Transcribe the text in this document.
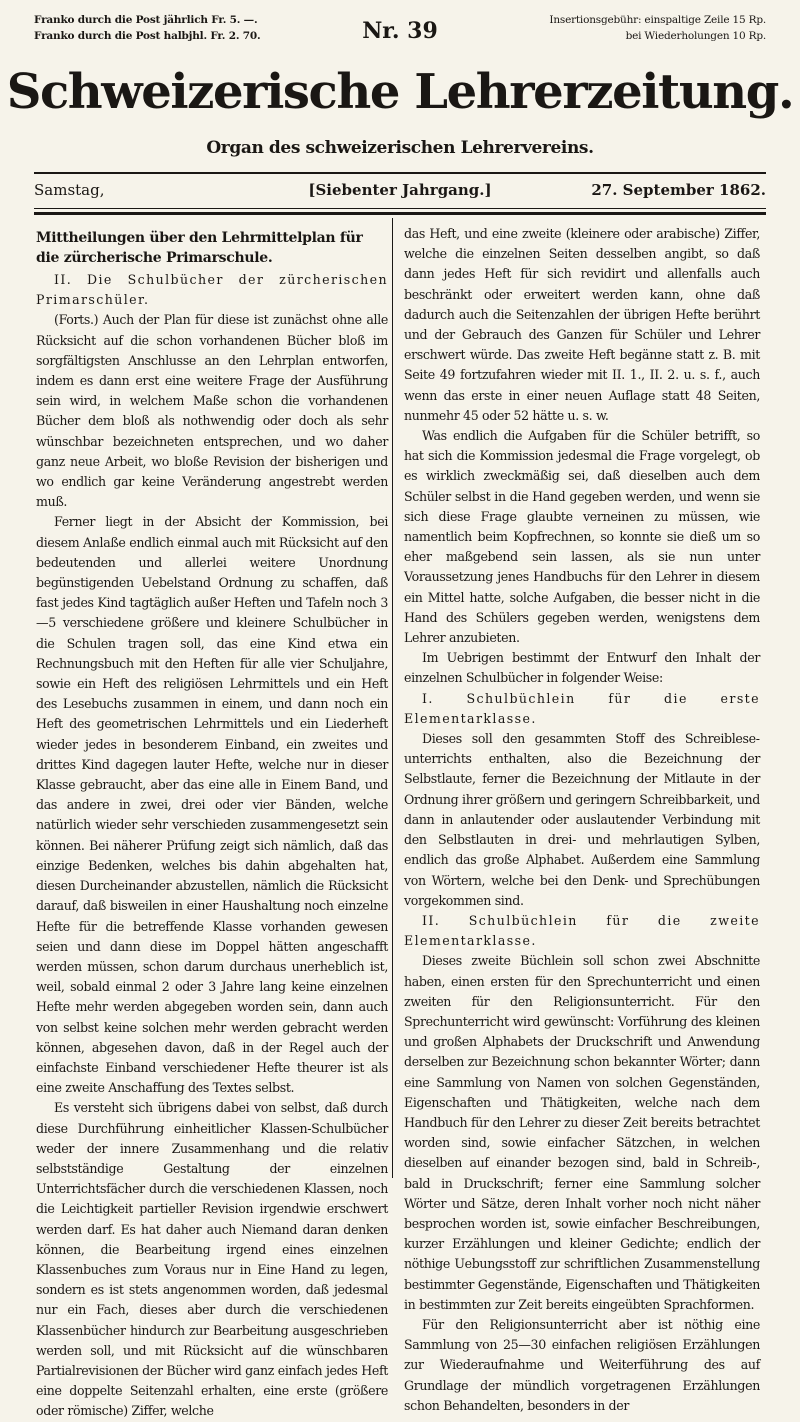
Franko durch die Post jährlich Fr. 5. —.
Franko durch die Post halbjhl. Fr. 2. 70.	Nr. 39	Insertionsgebühr: einspaltige Zeile 15 Rp.
bei Wiederholungen 10 Rp.
Schweizerische Lehrerzeitung.
Organ des schweizerischen Lehrervereins.
Samstag,	[Siebenter Jahrgang.]	27. September 1862.
Mittheilungen über den Lehrmittelplan für die zürcherische Primarschule.

II. Die Schulbücher der zürcherischen Primarschüler.

(Forts.) Auch der Plan für diese ist zunächst ohne alle Rücksicht auf die schon vorhandenen Bücher bloß im sorgfältigsten Anschlusse an den Lehrplan entworfen, indem es dann erst eine weitere Frage der Ausführung sein wird, in welchem Maße schon die vorhandenen Bücher dem bloß als nothwendig oder doch als sehr wünschbar bezeichneten entsprechen, und wo daher ganz neue Arbeit, wo bloße Revision der bisherigen und wo endlich gar keine Veränderung angestrebt werden muß.

Ferner liegt in der Absicht der Kommission, bei diesem Anlaße endlich einmal auch mit Rücksicht auf den bedeutenden und allerlei weitere Unordnung begünstigenden Uebelstand Ordnung zu schaffen, daß fast jedes Kind tagtäglich außer Heften und Tafeln noch 3—5 verschiedene größere und kleinere Schulbücher in die Schulen tragen soll, das eine Kind etwa ein Rechnungsbuch mit den Heften für alle vier Schuljahre, sowie ein Heft des religiösen Lehrmittels und ein Heft des Lesebuchs zusammen in einem, und dann noch ein Heft des geometrischen Lehrmittels und ein Liederheft wieder jedes in besonderem Einband, ein zweites und drittes Kind dagegen lauter Hefte, welche nur in dieser Klasse gebraucht, aber das eine alle in Einem Band, und das andere in zwei, drei oder vier Bänden, welche natürlich wieder sehr verschieden zusammengesetzt sein können. Bei näherer Prüfung zeigt sich nämlich, daß das einzige Bedenken, welches bis dahin abgehalten hat, diesen Durcheinander abzustellen, nämlich die Rücksicht darauf, daß bisweilen in einer Haushaltung noch einzelne Hefte für die betreffende Klasse vorhanden gewesen seien und dann diese im Doppel hätten angeschafft werden müssen, schon darum durchaus unerheblich ist, weil, sobald einmal 2 oder 3 Jahre lang keine einzelnen Hefte mehr werden abgegeben worden sein, dann auch von selbst keine solchen mehr werden gebracht werden können, abgesehen davon, daß in der Regel auch der einfachste Einband verschiedener Hefte theurer ist als eine zweite Anschaffung des Textes selbst.

Es versteht sich übrigens dabei von selbst, daß durch diese Durchführung einheitlicher Klassen-Schulbücher weder der innere Zusammenhang und die relativ selbstständige Gestaltung der einzelnen Unterrichtsfächer durch die verschiedenen Klassen, noch die Leichtigkeit partieller Revision irgendwie erschwert werden darf. Es hat daher auch Niemand daran denken können, die Bearbeitung irgend eines einzelnen Klassenbuches zum Voraus nur in Eine Hand zu legen, sondern es ist stets angenommen worden, daß jedesmal nur ein Fach, dieses aber durch die verschiedenen Klassenbücher hindurch zur Bearbeitung ausgeschrieben werden soll, und mit Rücksicht auf die wünschbaren Partialrevisionen der Bücher wird ganz einfach jedes Heft eine doppelte Seitenzahl erhalten, eine erste (größere oder römische) Ziffer, welche

das Heft, und eine zweite (kleinere oder arabische) Ziffer, welche die einzelnen Seiten desselben angibt, so daß dann jedes Heft für sich revidirt und allenfalls auch beschränkt oder erweitert werden kann, ohne daß dadurch auch die Seitenzahlen der übrigen Hefte berührt und der Gebrauch des Ganzen für Schüler und Lehrer erschwert würde. Das zweite Heft begänne statt z. B. mit Seite 49 fortzufahren wieder mit II. 1., II. 2. u. s. f., auch wenn das erste in einer neuen Auflage statt 48 Seiten, nunmehr 45 oder 52 hätte u. s. w.

Was endlich die Aufgaben für die Schüler betrifft, so hat sich die Kommission jedesmal die Frage vorgelegt, ob es wirklich zweckmäßig sei, daß dieselben auch dem Schüler selbst in die Hand gegeben werden, und wenn sie sich diese Frage glaubte verneinen zu müssen, wie namentlich beim Kopfrechnen, so konnte sie dieß um so eher maßgebend sein lassen, als sie nun unter Voraussetzung jenes Handbuchs für den Lehrer in diesem ein Mittel hatte, solche Aufgaben, die besser nicht in die Hand des Schülers gegeben werden, wenigstens dem Lehrer anzubieten.

Im Uebrigen bestimmt der Entwurf den Inhalt der einzelnen Schulbücher in folgender Weise:

I. Schulbüchlein für die erste Elementarklasse.

Dieses soll den gesammten Stoff des Schreibleseunterrichts enthalten, also die Bezeichnung der Selbstlaute, ferner die Bezeichnung der Mitlaute in der Ordnung ihrer größern und geringern Schreibbarkeit, und dann in anlautender oder auslautender Verbindung mit den Selbstlauten in drei- und mehrlautigen Sylben, endlich das große Alphabet. Außerdem eine Sammlung von Wörtern, welche bei den Denk- und Sprechübungen vorgekommen sind.

II. Schulbüchlein für die zweite Elementarklasse.

Dieses zweite Büchlein soll schon zwei Abschnitte haben, einen ersten für den Sprechunterricht und einen zweiten für den Religionsunterricht. Für den Sprechunterricht wird gewünscht: Vorführung des kleinen und großen Alphabets der Druckschrift und Anwendung derselben zur Bezeichnung schon bekannter Wörter; dann eine Sammlung von Namen von solchen Gegenständen, Eigenschaften und Thätigkeiten, welche nach dem Handbuch für den Lehrer zu dieser Zeit bereits betrachtet worden sind, sowie einfacher Sätzchen, in welchen dieselben auf einander bezogen sind, bald in Schreib-, bald in Druckschrift; ferner eine Sammlung solcher Wörter und Sätze, deren Inhalt vorher noch nicht näher besprochen worden ist, sowie einfacher Beschreibungen, kurzer Erzählungen und kleiner Gedichte; endlich der nöthige Uebungsstoff zur schriftlichen Zusammenstellung bestimmter Gegenstände, Eigenschaften und Thätigkeiten in bestimmten zur Zeit bereits eingeübten Sprachformen.

Für den Religionsunterricht aber ist nöthig eine Sammlung von 25—30 einfachen religiösen Erzählungen zur Wiederaufnahme und Weiterführung des auf Grundlage der mündlich vorgetragenen Erzählungen schon Behandelten, besonders in der
